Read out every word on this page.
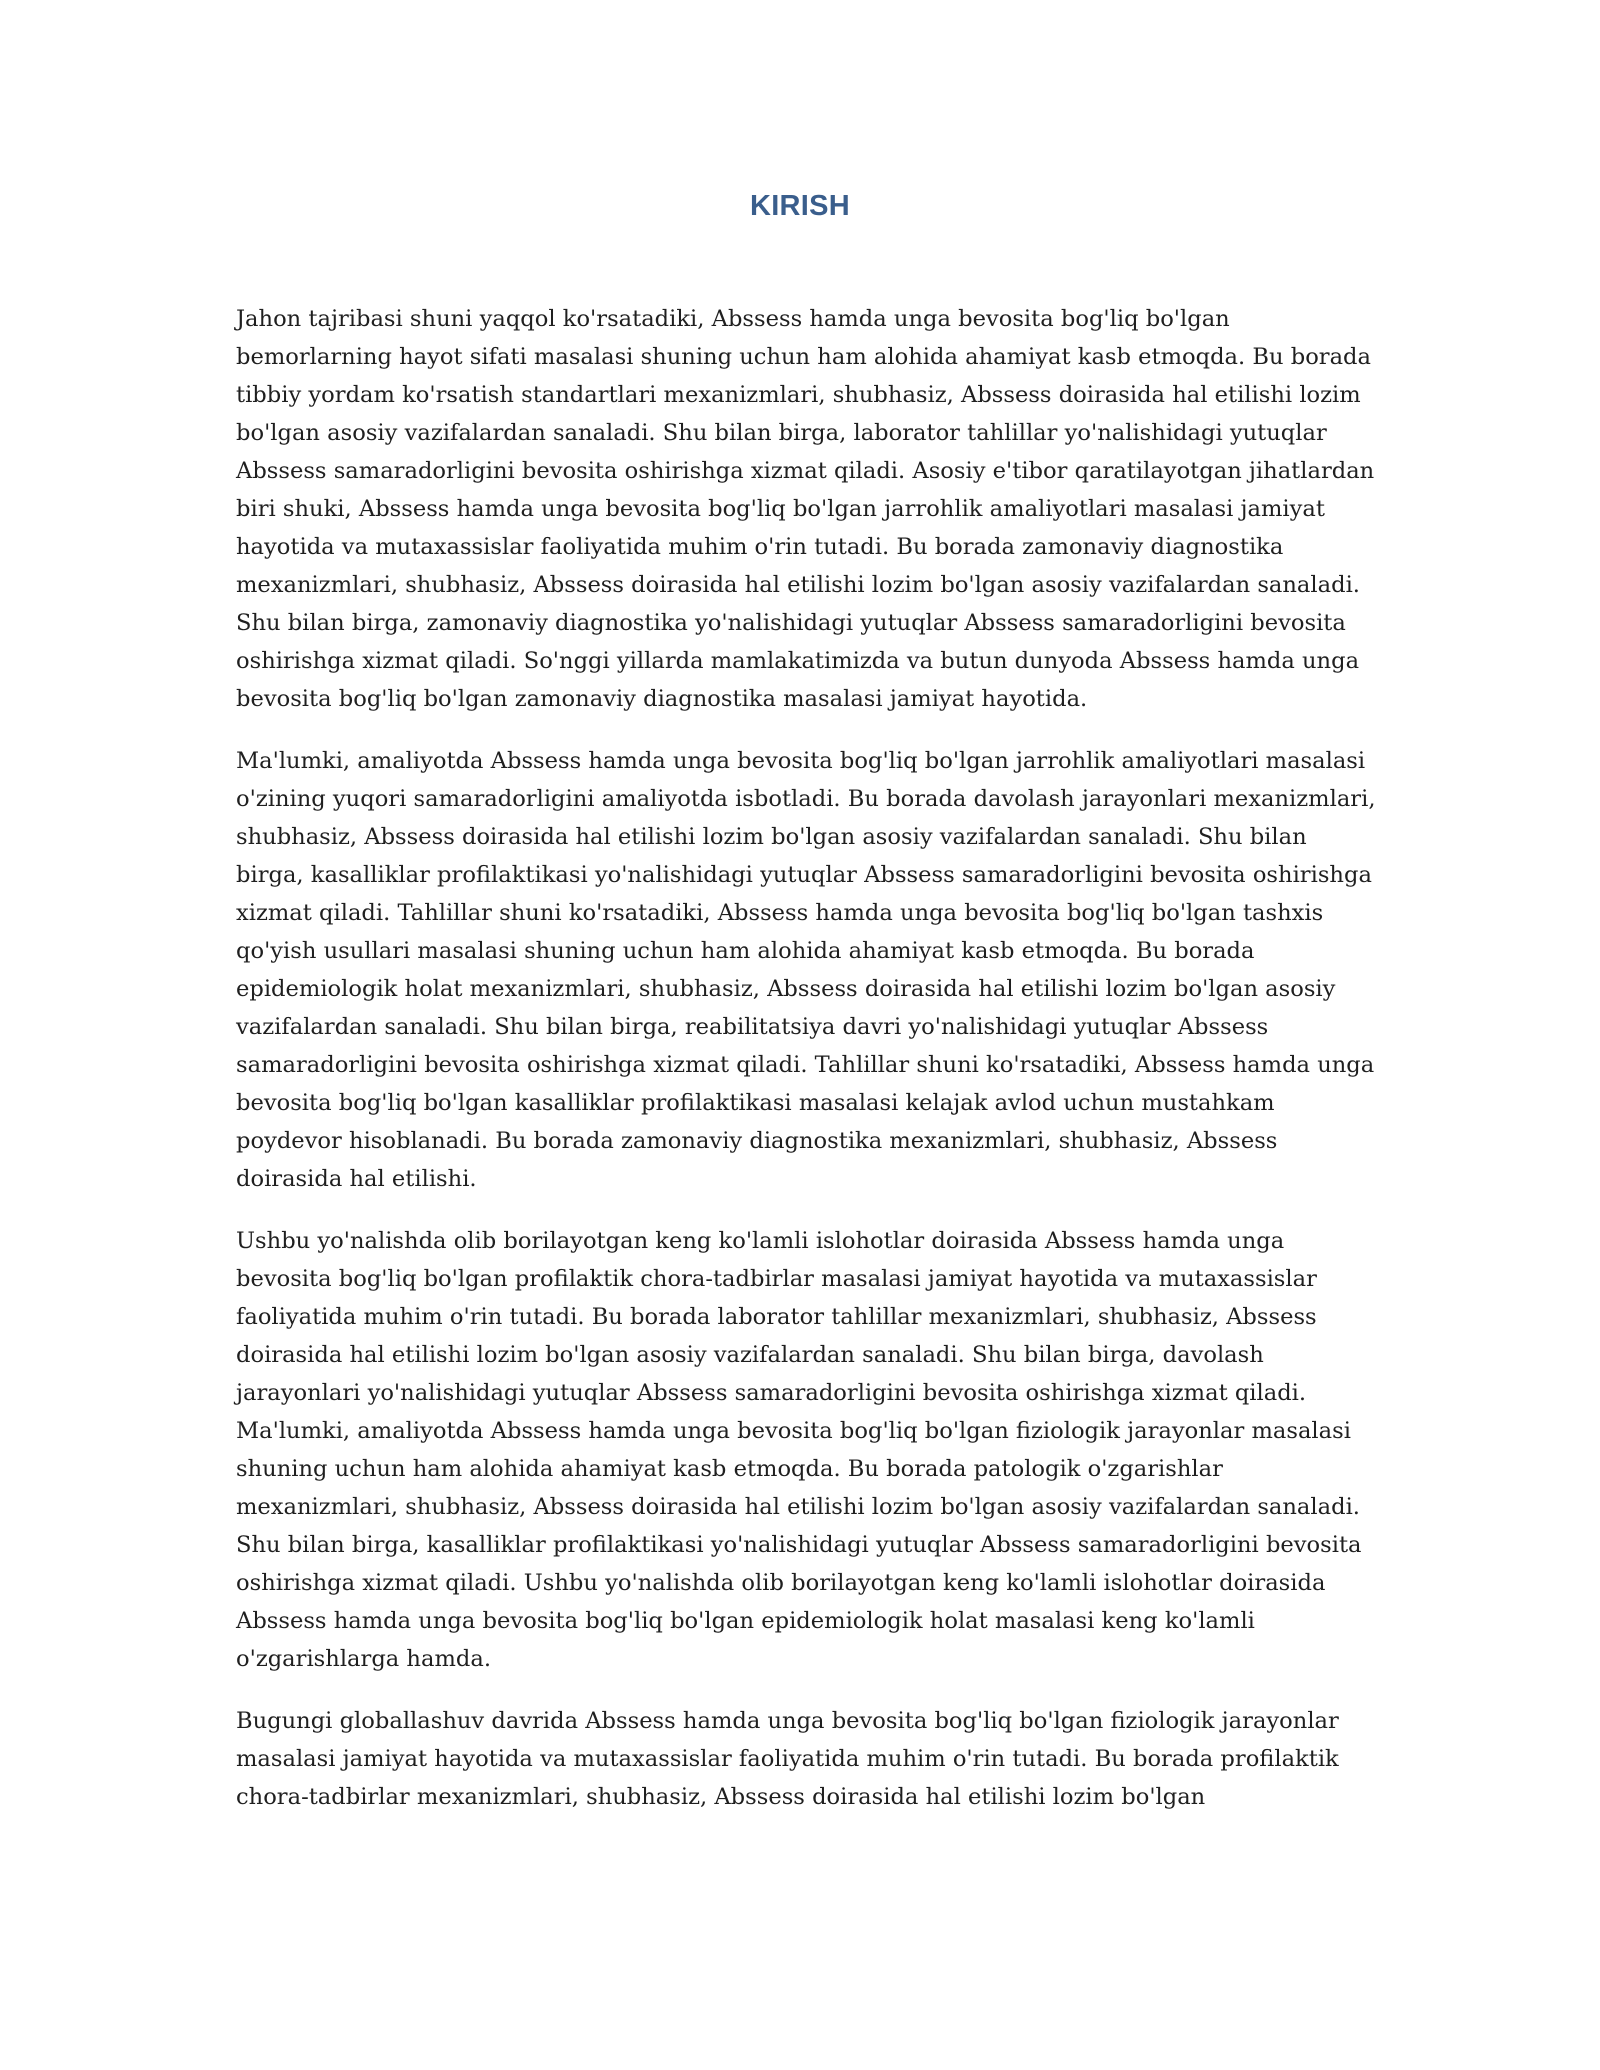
KIRISH

Jahon tajribasi shuni yaqqol ko'rsatadiki, Abssess hamda unga bevosita bog'liq bo'lgan bemorlarning hayot sifati masalasi shuning uchun ham alohida ahamiyat kasb etmoqda. Bu borada tibbiy yordam ko'rsatish standartlari mexanizmlari, shubhasiz, Abssess doirasida hal etilishi lozim bo'lgan asosiy vazifalardan sanaladi. Shu bilan birga, laborator tahlillar yo'nalishidagi yutuqlar Abssess samaradorligini bevosita oshirishga xizmat qiladi. Asosiy e'tibor qaratilayotgan jihatlardan biri shuki, Abssess hamda unga bevosita bog'liq bo'lgan jarrohlik amaliyotlari masalasi jamiyat hayotida va mutaxassislar faoliyatida muhim o'rin tutadi. Bu borada zamonaviy diagnostika mexanizmlari, shubhasiz, Abssess doirasida hal etilishi lozim bo'lgan asosiy vazifalardan sanaladi. Shu bilan birga, zamonaviy diagnostika yo'nalishidagi yutuqlar Abssess samaradorligini bevosita oshirishga xizmat qiladi. So'nggi yillarda mamlakatimizda va butun dunyoda Abssess hamda unga bevosita bog'liq bo'lgan zamonaviy diagnostika masalasi jamiyat hayotida.

Ma'lumki, amaliyotda Abssess hamda unga bevosita bog'liq bo'lgan jarrohlik amaliyotlari masalasi o'zining yuqori samaradorligini amaliyotda isbotladi. Bu borada davolash jarayonlari mexanizmlari, shubhasiz, Abssess doirasida hal etilishi lozim bo'lgan asosiy vazifalardan sanaladi. Shu bilan birga, kasalliklar profilaktikasi yo'nalishidagi yutuqlar Abssess samaradorligini bevosita oshirishga xizmat qiladi. Tahlillar shuni ko'rsatadiki, Abssess hamda unga bevosita bog'liq bo'lgan tashxis qo'yish usullari masalasi shuning uchun ham alohida ahamiyat kasb etmoqda. Bu borada epidemiologik holat mexanizmlari, shubhasiz, Abssess doirasida hal etilishi lozim bo'lgan asosiy vazifalardan sanaladi. Shu bilan birga, reabilitatsiya davri yo'nalishidagi yutuqlar Abssess samaradorligini bevosita oshirishga xizmat qiladi. Tahlillar shuni ko'rsatadiki, Abssess hamda unga bevosita bog'liq bo'lgan kasalliklar profilaktikasi masalasi kelajak avlod uchun mustahkam poydevor hisoblanadi. Bu borada zamonaviy diagnostika mexanizmlari, shubhasiz, Abssess doirasida hal etilishi.

Ushbu yo'nalishda olib borilayotgan keng ko'lamli islohotlar doirasida Abssess hamda unga bevosita bog'liq bo'lgan profilaktik chora-tadbirlar masalasi jamiyat hayotida va mutaxassislar faoliyatida muhim o'rin tutadi. Bu borada laborator tahlillar mexanizmlari, shubhasiz, Abssess doirasida hal etilishi lozim bo'lgan asosiy vazifalardan sanaladi. Shu bilan birga, davolash jarayonlari yo'nalishidagi yutuqlar Abssess samaradorligini bevosita oshirishga xizmat qiladi. Ma'lumki, amaliyotda Abssess hamda unga bevosita bog'liq bo'lgan fiziologik jarayonlar masalasi shuning uchun ham alohida ahamiyat kasb etmoqda. Bu borada patologik o'zgarishlar mexanizmlari, shubhasiz, Abssess doirasida hal etilishi lozim bo'lgan asosiy vazifalardan sanaladi. Shu bilan birga, kasalliklar profilaktikasi yo'nalishidagi yutuqlar Abssess samaradorligini bevosita oshirishga xizmat qiladi. Ushbu yo'nalishda olib borilayotgan keng ko'lamli islohotlar doirasida Abssess hamda unga bevosita bog'liq bo'lgan epidemiologik holat masalasi keng ko'lamli o'zgarishlarga hamda.

Bugungi globallashuv davrida Abssess hamda unga bevosita bog'liq bo'lgan fiziologik jarayonlar masalasi jamiyat hayotida va mutaxassislar faoliyatida muhim o'rin tutadi. Bu borada profilaktik chora-tadbirlar mexanizmlari, shubhasiz, Abssess doirasida hal etilishi lozim bo'lgan
